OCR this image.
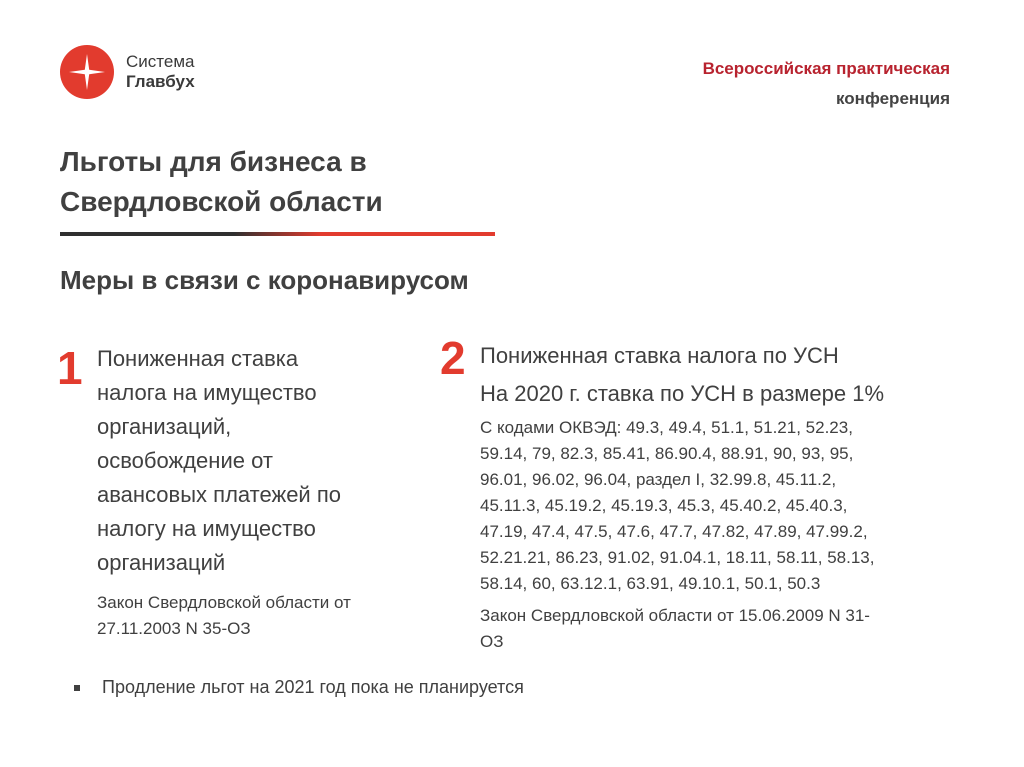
Система
Главбух
Всероссийская практическая
конференция
Льготы для бизнеса в
Свердловской области
Меры в связи с коронавирусом
1 Пониженная ставка
налога на имущество
организаций,
освобождение от
авансовых платежей по
налогу на имущество
организаций
Закон Свердловской области от
27.11.2003 N 35-ОЗ
2 Пониженная ставка налога по УСН
На 2020 г. ставка по УСН в размере 1%
С кодами ОКВЭД: 49.3, 49.4, 51.1, 51.21, 52.23,
59.14, 79, 82.3, 85.41, 86.90.4, 88.91, 90, 93, 95,
96.01, 96.02, 96.04, раздел I, 32.99.8, 45.11.2,
45.11.3, 45.19.2, 45.19.3, 45.3, 45.40.2, 45.40.3,
47.19, 47.4, 47.5, 47.6, 47.7, 47.82, 47.89, 47.99.2,
52.21.21, 86.23, 91.02, 91.04.1, 18.11, 58.11, 58.13,
58.14, 60, 63.12.1, 63.91, 49.10.1, 50.1, 50.3
Закон Свердловской области от 15.06.2009 N 31-
ОЗ
Продление льгот на 2021 год пока не планируется
